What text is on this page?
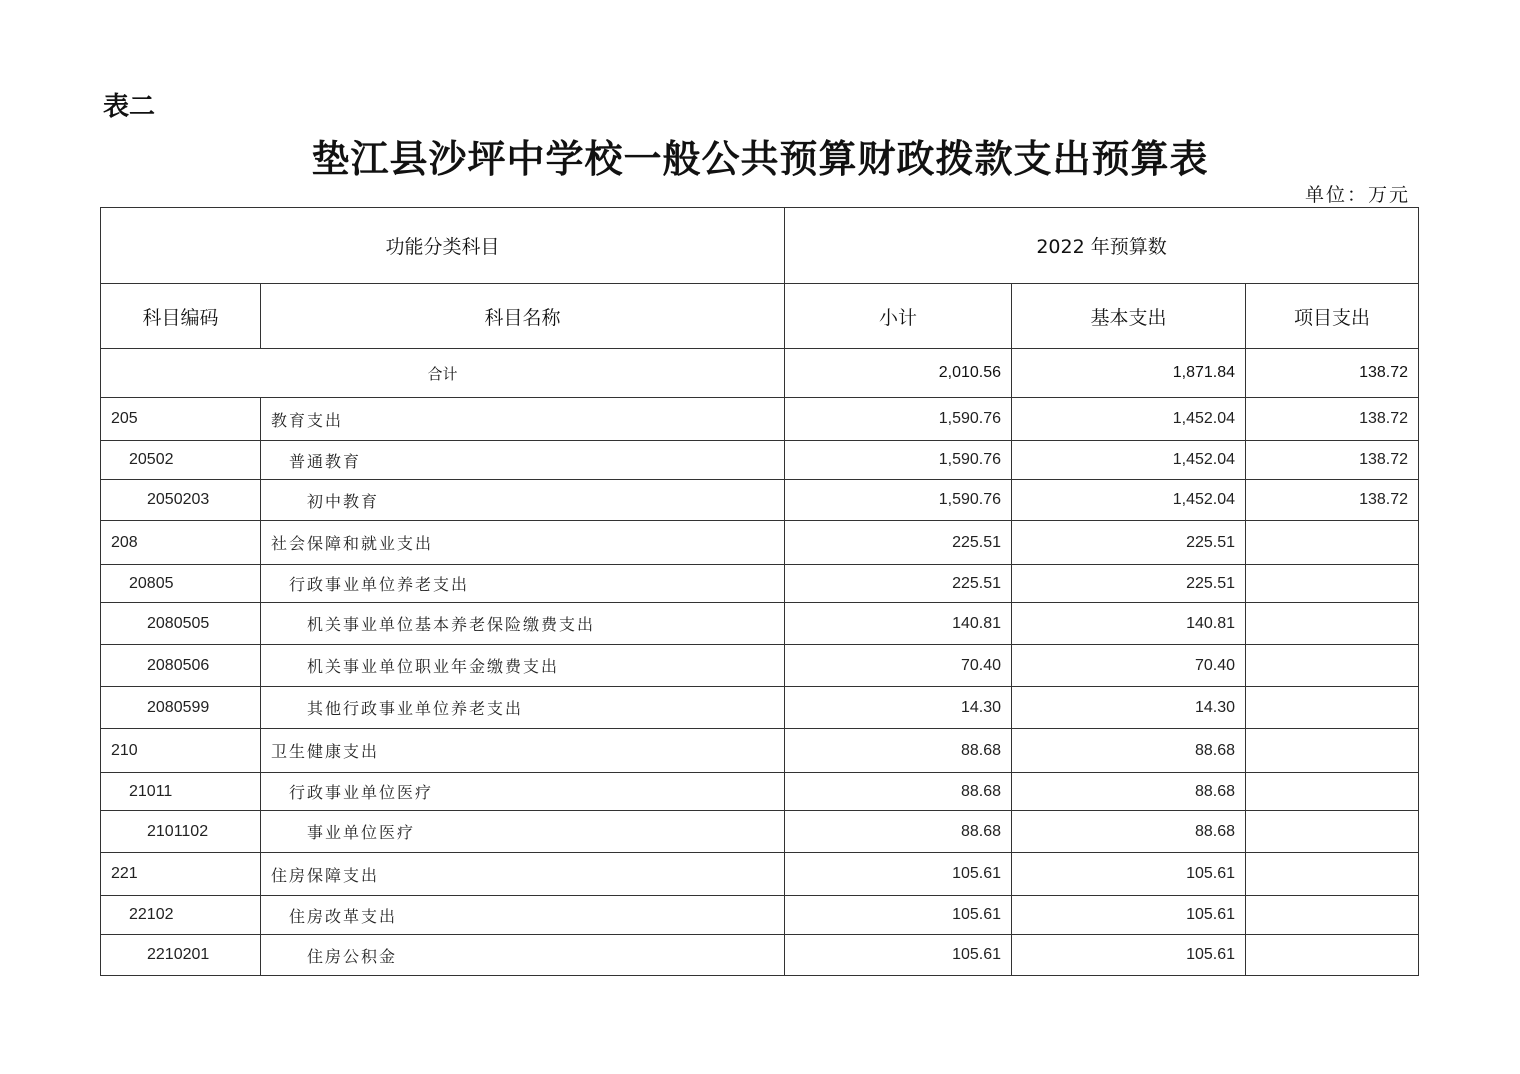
表二
垫江县沙坪中学校一般公共预算财政拨款支出预算表
单位：万元
功能分类科目		2022 年预算数		
科目编码	科目名称	小计	基本支出	项目支出
合计		2,010.56	1,871.84	138.72
205	教育支出	1,590.76	1,452.04	138.72
20502	普通教育	1,590.76	1,452.04	138.72
2050203	初中教育	1,590.76	1,452.04	138.72
208	社会保障和就业支出	225.51	225.51	
20805	行政事业单位养老支出	225.51	225.51	
2080505	机关事业单位基本养老保险缴费支出	140.81	140.81	
2080506	机关事业单位职业年金缴费支出	70.40	70.40	
2080599	其他行政事业单位养老支出	14.30	14.30	
210	卫生健康支出	88.68	88.68	
21011	行政事业单位医疗	88.68	88.68	
2101102	事业单位医疗	88.68	88.68	
221	住房保障支出	105.61	105.61	
22102	住房改革支出	105.61	105.61	
2210201	住房公积金	105.61	105.61	
